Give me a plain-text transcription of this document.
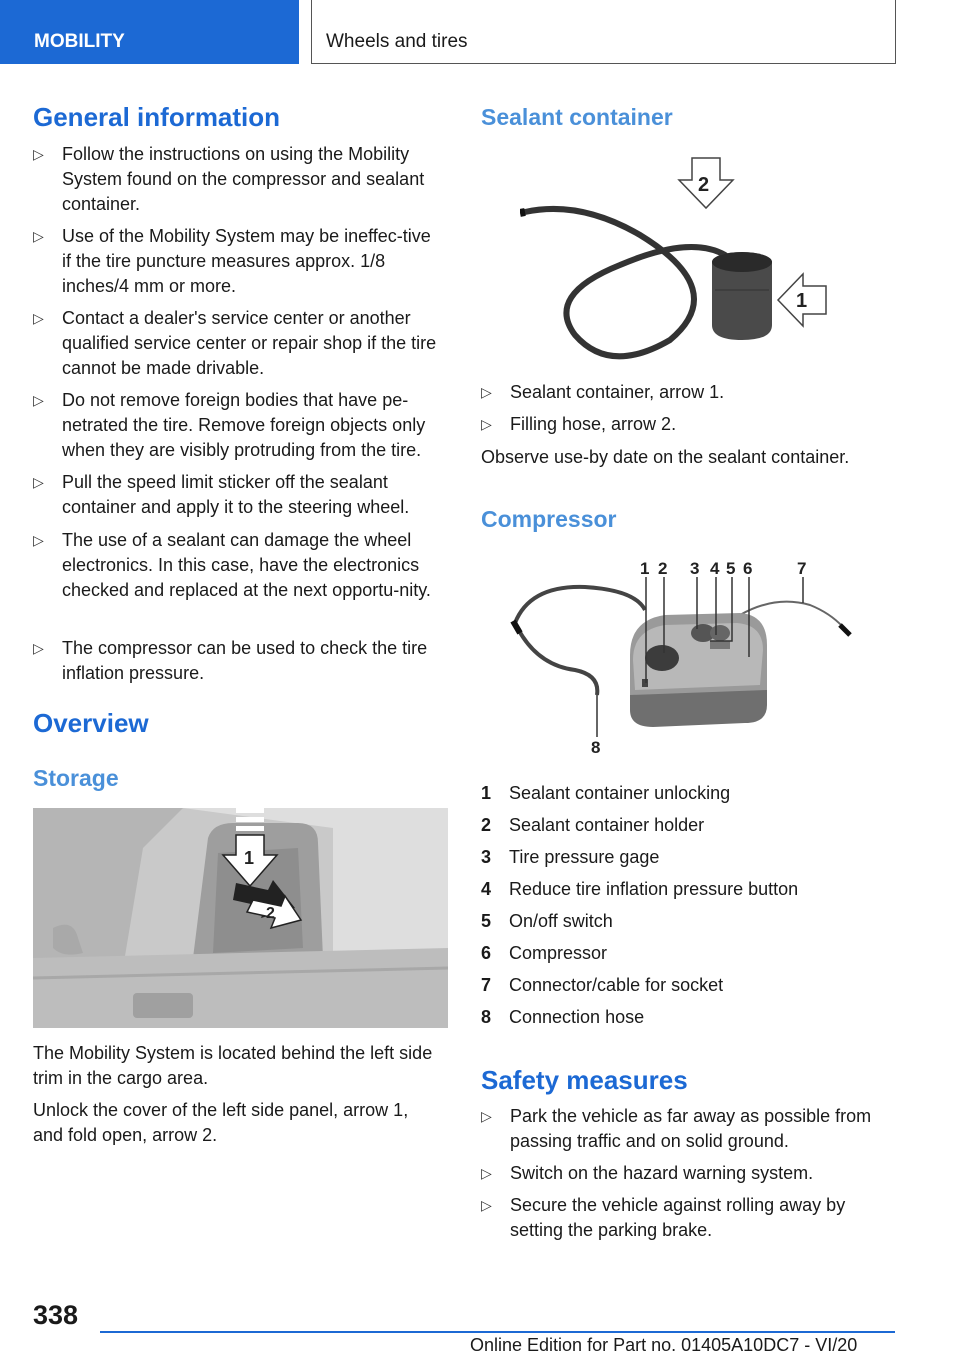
MOBILITY	Wheels and tires
General information
▷ Follow the instructions on using the Mobility System found on the compressor and sealant container.
▷ Use of the Mobility System may be ineffec-tive if the tire puncture measures approx. 1/8 inches/4 mm or more.
▷ Contact a dealer's service center or another qualified service center or repair shop if the tire cannot be made drivable.
▷ Do not remove foreign bodies that have pe-netrated the tire. Remove foreign objects only when they are visibly protruding from the tire.
▷ Pull the speed limit sticker off the sealant container and apply it to the steering wheel.
▷ The use of a sealant can damage the wheel electronics. In this case, have the electronics checked and replaced at the next opportu-nity.
▷ The compressor can be used to check the tire inflation pressure.
Overview
Storage
1
2
The Mobility System is located behind the left side trim in the cargo area.
Unlock the cover of the left side panel, arrow 1, and fold open, arrow 2.
Sealant container
2
1
▷ Sealant container, arrow 1.
▷ Filling hose, arrow 2.
Observe use-by date on the sealant container.
Compressor
1 2 3 4 5 6	7
8
1 Sealant container unlocking
2 Sealant container holder
3 Tire pressure gage
4 Reduce tire inflation pressure button
5 On/off switch
6 Compressor
7 Connector/cable for socket
8 Connection hose
Safety measures
▷ Park the vehicle as far away as possible from passing traffic and on solid ground.
▷ Switch on the hazard warning system.
▷ Secure the vehicle against rolling away by setting the parking brake.
338
Online Edition for Part no. 01405A10DC7 - VI/20
